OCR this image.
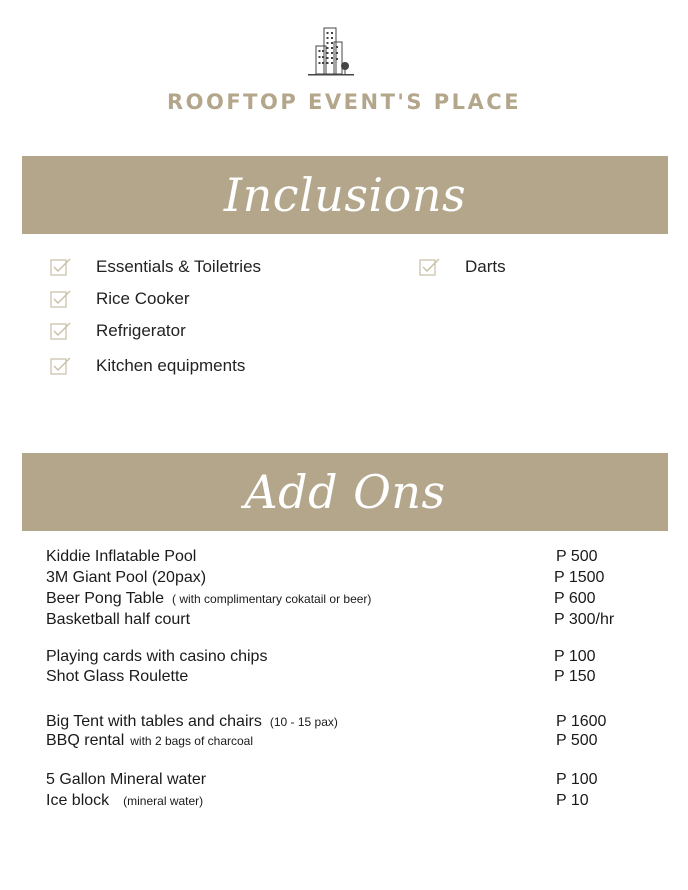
ROOFTOP EVENT'S PLACE
Inclusions
Essentials & Toiletries
Rice Cooker
Refrigerator
Kitchen equipments
Darts
Add Ons
Kiddie Inflatable Pool	P 500
3M Giant Pool (20pax)	P 1500
Beer Pong Table ( with complimentary cokatail or beer)	P 600
Basketball half court	P 300/hr
Playing cards with casino chips	P 100
Shot Glass Roulette	P 150
Big Tent with tables and chairs (10 - 15 pax)	P 1600
BBQ rental with 2 bags of charcoal	P 500
5 Gallon Mineral water	P 100
Ice block (mineral water)	P 10
